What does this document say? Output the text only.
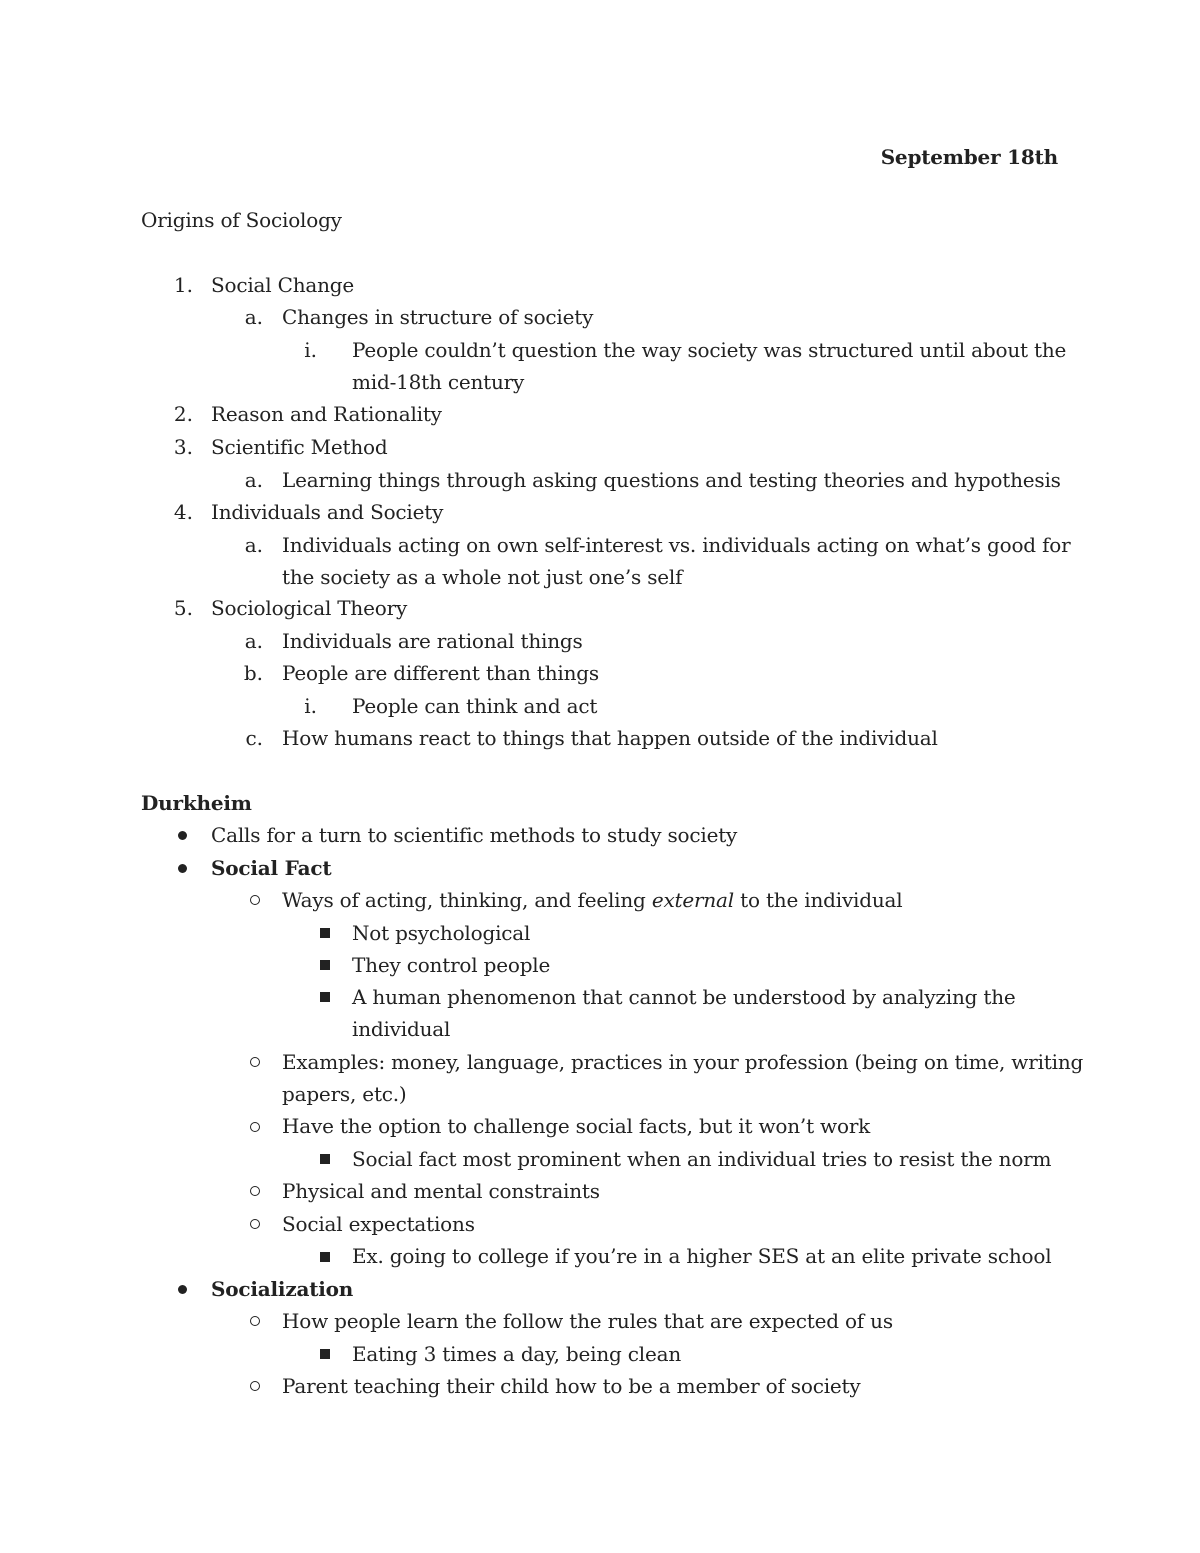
September 18th
Origins of Sociology
1. Social Change
a. Changes in structure of society
i. People couldn’t question the way society was structured until about the
mid-18th century
2. Reason and Rationality
3. Scientific Method
a. Learning things through asking questions and testing theories and hypothesis
4. Individuals and Society
a. Individuals acting on own self-interest vs. individuals acting on what’s good for
the society as a whole not just one’s self
5. Sociological Theory
a. Individuals are rational things
b. People are different than things
i. People can think and act
c. How humans react to things that happen outside of the individual
Durkheim
Calls for a turn to scientific methods to study society
Social Fact
Ways of acting, thinking, and feeling external to the individual
Not psychological
They control people
A human phenomenon that cannot be understood by analyzing the
individual
Examples: money, language, practices in your profession (being on time, writing
papers, etc.)
Have the option to challenge social facts, but it won’t work
Social fact most prominent when an individual tries to resist the norm
Physical and mental constraints
Social expectations
Ex. going to college if you’re in a higher SES at an elite private school
Socialization
How people learn the follow the rules that are expected of us
Eating 3 times a day, being clean
Parent teaching their child how to be a member of society
